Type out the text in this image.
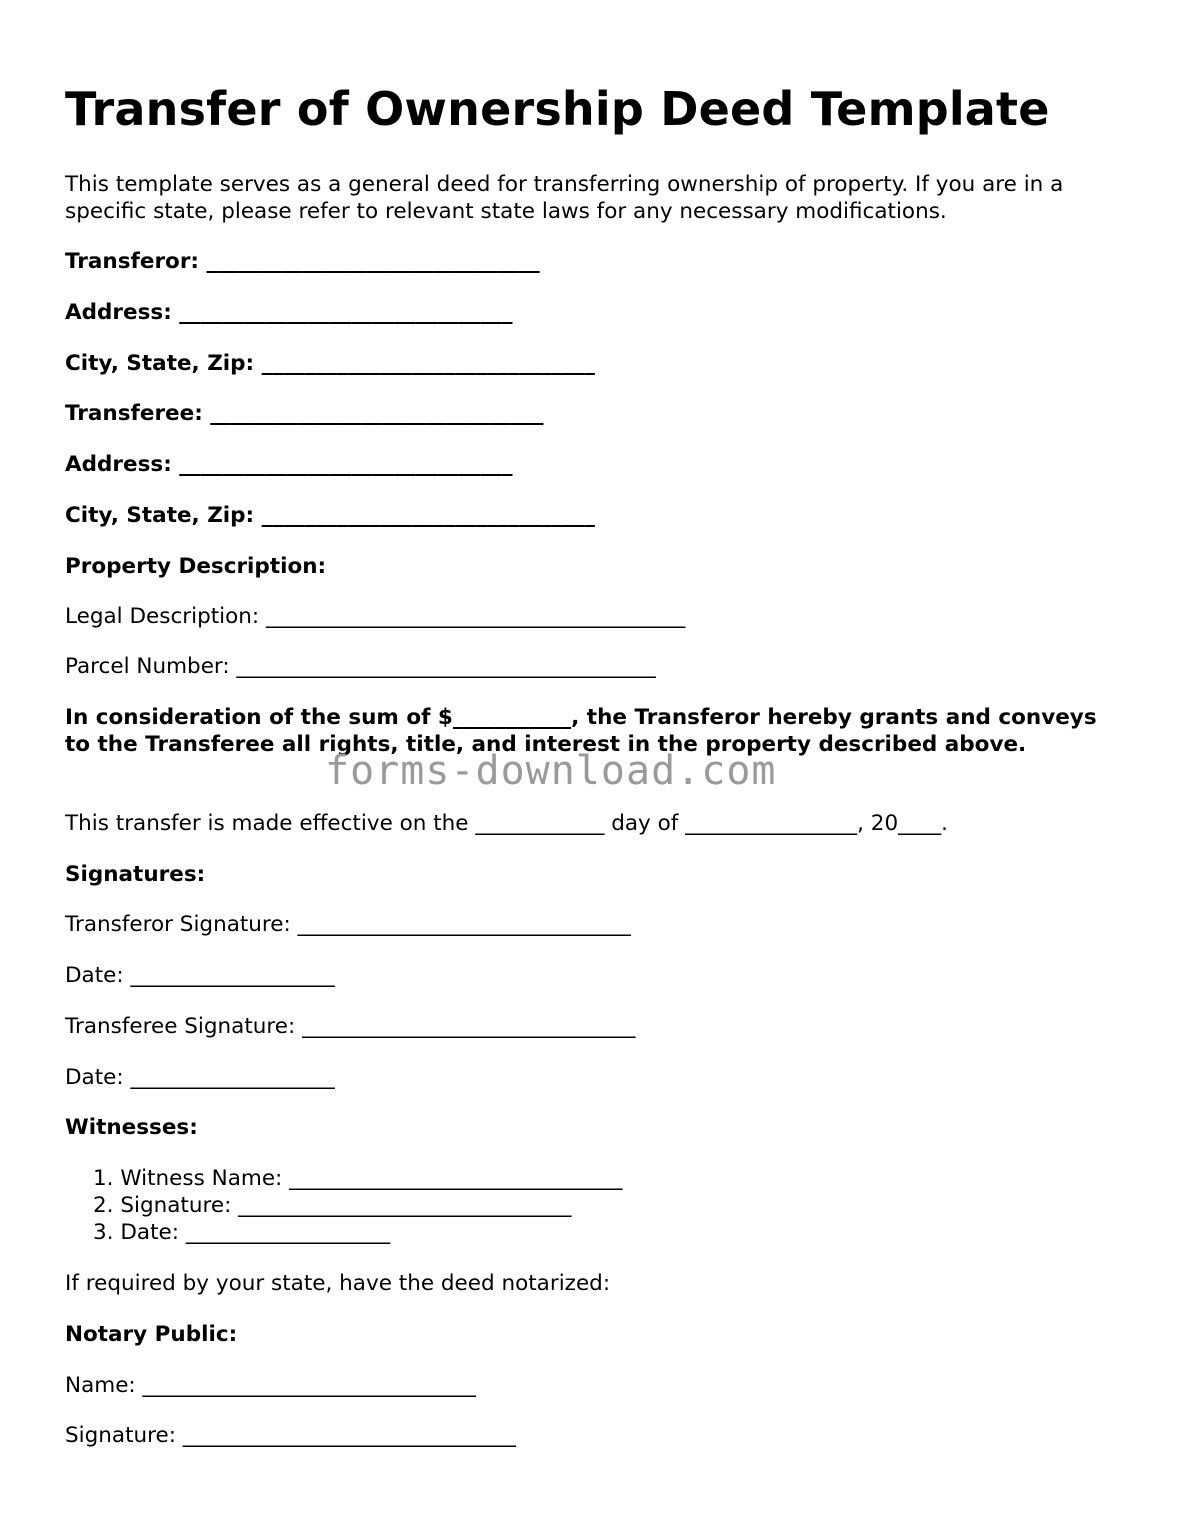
Transfer of Ownership Deed Template

This template serves as a general deed for transferring ownership of property. If you are in a specific state, please refer to relevant state laws for any necessary modifications.

Transferor: _______________________________

Address: _______________________________

City, State, Zip: _______________________________

Transferee: _______________________________

Address: _______________________________

City, State, Zip: _______________________________

Property Description:

Legal Description: _______________________________________

Parcel Number: _______________________________________

In consideration of the sum of $___________, the Transferor hereby grants and conveys to the Transferee all rights, title, and interest in the property described above.

This transfer is made effective on the ____________ day of ________________, 20____.

Signatures:

Transferor Signature: _______________________________

Date: ___________________

Transferee Signature: _______________________________

Date: ___________________

Witnesses:

1. Witness Name: _______________________________
2. Signature: _______________________________
3. Date: ___________________

If required by your state, have the deed notarized:

Notary Public:

Name: _______________________________

Signature: _______________________________

forms-download.com
